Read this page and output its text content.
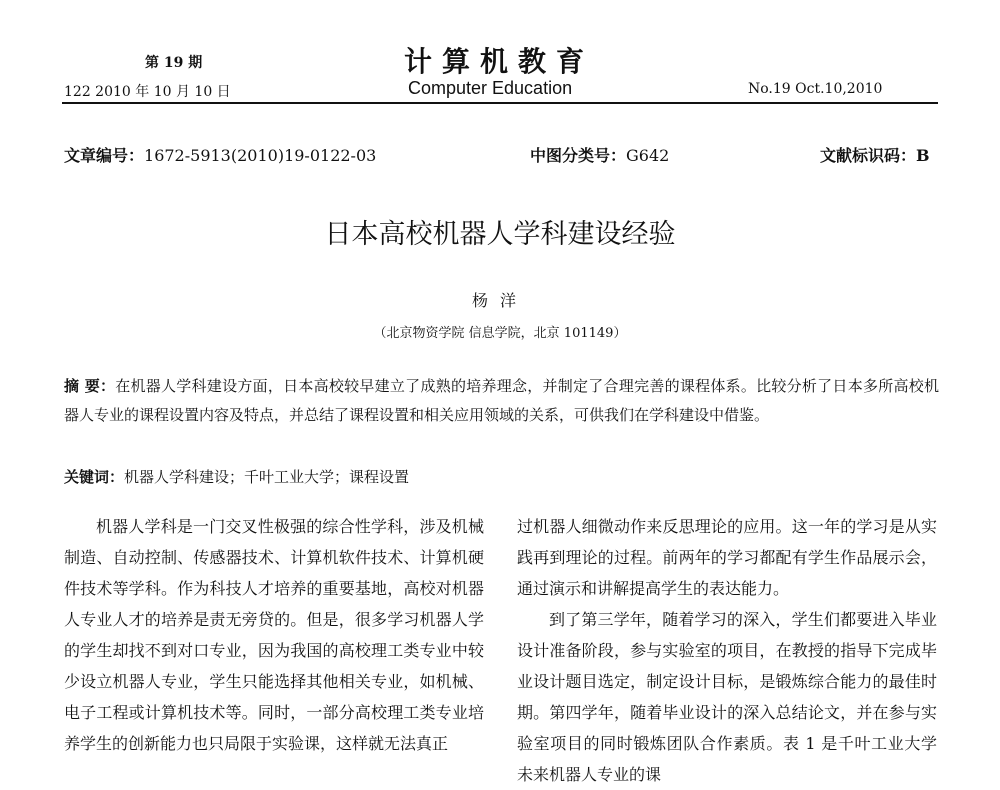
第 19 期
122 2010 年 10 月 10 日
计算机教育
Computer Education	No.19 Oct.10,2010
文章编号：1672-5913(2010)19-0122-03	中图分类号：G642	文献标识码：B
日本高校机器人学科建设经验
杨洋
（北京物资学院 信息学院，北京 101149）
摘 要：在机器人学科建设方面，日本高校较早建立了成熟的培养理念，并制定了合理完善的课程体系。比较分析了日本多所高校机器人专业的课程设置内容及特点，并总结了课程设置和相关应用领域的关系，可供我们在学科建设中借鉴。
关键词：机器人学科建设；千叶工业大学；课程设置

机器人学科是一门交叉性极强的综合性学科，涉及机械制造、自动控制、传感器技术、计算机软件技术、计算机硬件技术等学科。作为科技人才培养的重要基地，高校对机器人专业人才的培养是责无旁贷的。但是，很多学习机器人学的学生却找不到对口专业，因为我国的高校理工类专业中较少设立机器人专业，学生只能选择其他相关专业，如机械、电子工程或计算机技术等。同时，一部分高校理工类专业培养学生的创新能力也只局限于实验课，这样就无法真正

过机器人细微动作来反思理论的应用。这一年的学习是从实践再到理论的过程。前两年的学习都配有学生作品展示会，通过演示和讲解提高学生的表达能力。

到了第三学年，随着学习的深入，学生们都要进入毕业设计准备阶段，参与实验室的项目，在教授的指导下完成毕业设计题目选定，制定设计目标，是锻炼综合能力的最佳时期。第四学年，随着毕业设计的深入总结论文，并在参与实验室项目的同时锻炼团队合作素质。表 1 是千叶工业大学未来机器人专业的课
